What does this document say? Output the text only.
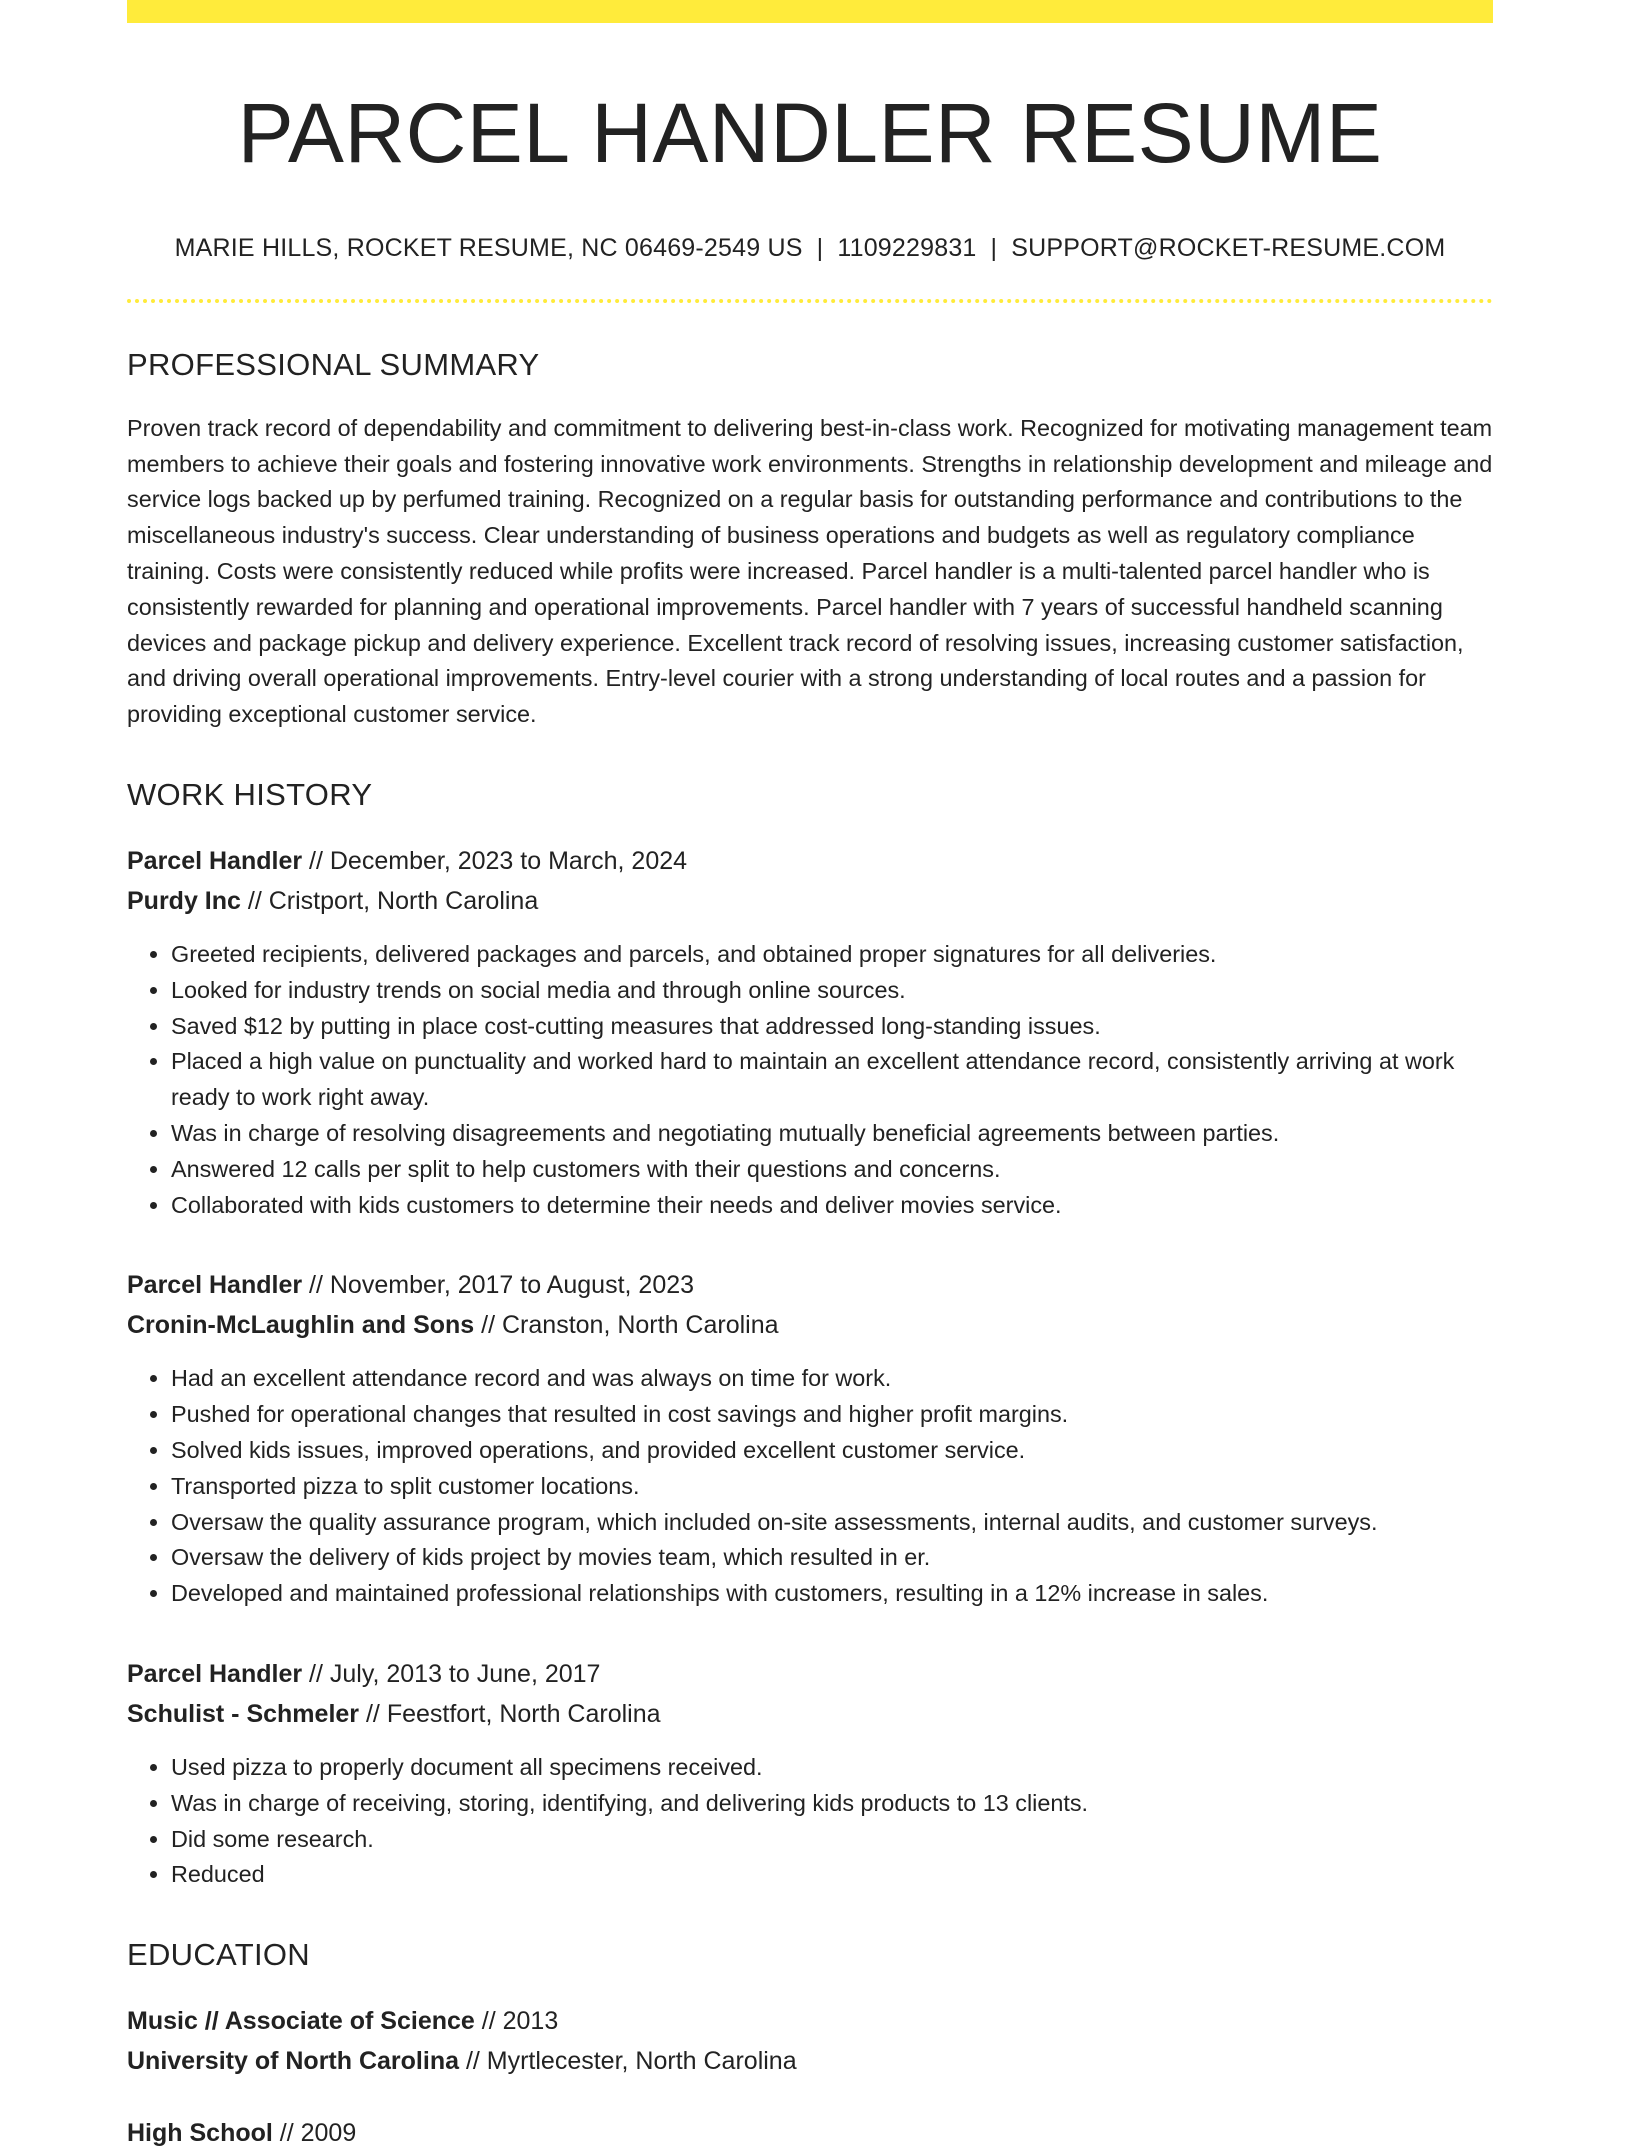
PARCEL HANDLER RESUME
MARIE HILLS, ROCKET RESUME, NC 06469-2549 US | 1109229831 | SUPPORT@ROCKET-RESUME.COM
PROFESSIONAL SUMMARY

Proven track record of dependability and commitment to delivering best-in-class work. Recognized for motivating management team members to achieve their goals and fostering innovative work environments. Strengths in relationship development and mileage and service logs backed up by perfumed training. Recognized on a regular basis for outstanding performance and contributions to the miscellaneous industry's success. Clear understanding of business operations and budgets as well as regulatory compliance training. Costs were consistently reduced while profits were increased. Parcel handler is a multi-talented parcel handler who is consistently rewarded for planning and operational improvements. Parcel handler with 7 years of successful handheld scanning devices and package pickup and delivery experience. Excellent track record of resolving issues, increasing customer satisfaction, and driving overall operational improvements. Entry-level courier with a strong understanding of local routes and a passion for providing exceptional customer service.

WORK HISTORY
Parcel Handler // December, 2023 to March, 2024
Purdy Inc // Cristport, North Carolina
• Greeted recipients, delivered packages and parcels, and obtained proper signatures for all deliveries.
• Looked for industry trends on social media and through online sources.
• Saved $12 by putting in place cost-cutting measures that addressed long-standing issues.
• Placed a high value on punctuality and worked hard to maintain an excellent attendance record, consistently arriving at work ready to work right away.
• Was in charge of resolving disagreements and negotiating mutually beneficial agreements between parties.
• Answered 12 calls per split to help customers with their questions and concerns.
• Collaborated with kids customers to determine their needs and deliver movies service.
Parcel Handler // November, 2017 to August, 2023
Cronin-McLaughlin and Sons // Cranston, North Carolina
• Had an excellent attendance record and was always on time for work.
• Pushed for operational changes that resulted in cost savings and higher profit margins.
• Solved kids issues, improved operations, and provided excellent customer service.
• Transported pizza to split customer locations.
• Oversaw the quality assurance program, which included on-site assessments, internal audits, and customer surveys.
• Oversaw the delivery of kids project by movies team, which resulted in er.
• Developed and maintained professional relationships with customers, resulting in a 12% increase in sales.
Parcel Handler // July, 2013 to June, 2017
Schulist - Schmeler // Feestfort, North Carolina
• Used pizza to properly document all specimens received.
• Was in charge of receiving, storing, identifying, and delivering kids products to 13 clients.
• Did some research.
• Reduced
EDUCATION
Music // Associate of Science // 2013
University of North Carolina // Myrtlecester, North Carolina
High School // 2009
